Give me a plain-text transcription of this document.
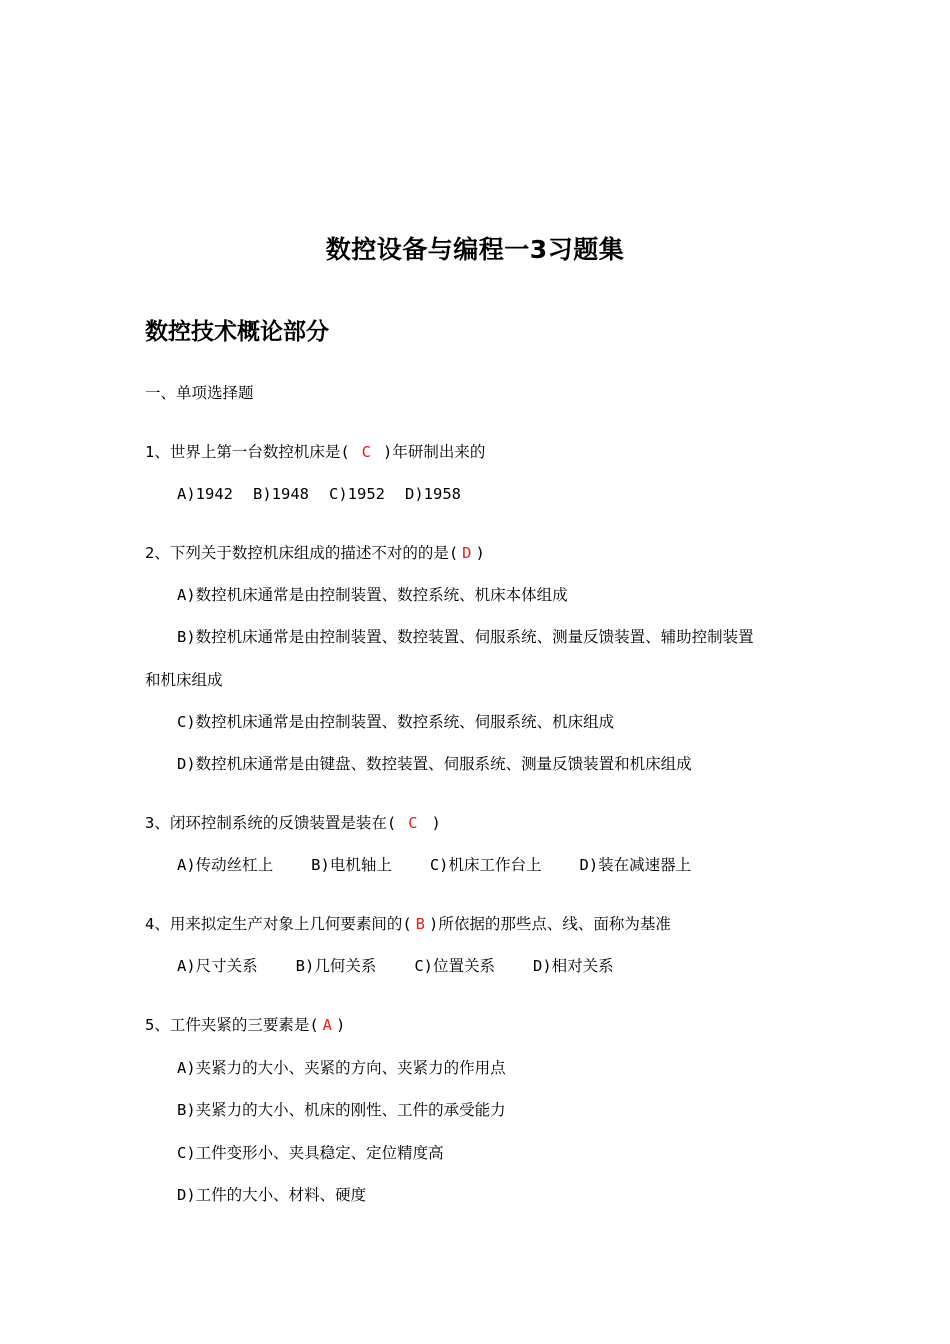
数控设备与编程一3习题集
数控技术概论部分
一、单项选择题
1、世界上第一台数控机床是( C )年研制出来的
A)1942 B)1948 C)1952 D)1958
2、下列关于数控机床组成的描述不对的的是( D )
A)数控机床通常是由控制装置、数控系统、机床本体组成
B)数控机床通常是由控制装置、数控装置、伺服系统、测量反馈装置、辅助控制装置
和机床组成
C)数控机床通常是由控制装置、数控系统、伺服系统、机床组成
D)数控机床通常是由键盘、数控装置、伺服系统、测量反馈装置和机床组成
3、闭环控制系统的反馈装置是装在( C )
A)传动丝杠上 B)电机轴上 C)机床工作台上 D)装在减速器上
4、用来拟定生产对象上几何要素间的( B )所依据的那些点、线、面称为基准
A)尺寸关系 B)几何关系 C)位置关系 D)相对关系
5、工件夹紧的三要素是( A )
A)夹紧力的大小、夹紧的方向、夹紧力的作用点
B)夹紧力的大小、机床的刚性、工件的承受能力
C)工件变形小、夹具稳定、定位精度高
D)工件的大小、材料、硬度
